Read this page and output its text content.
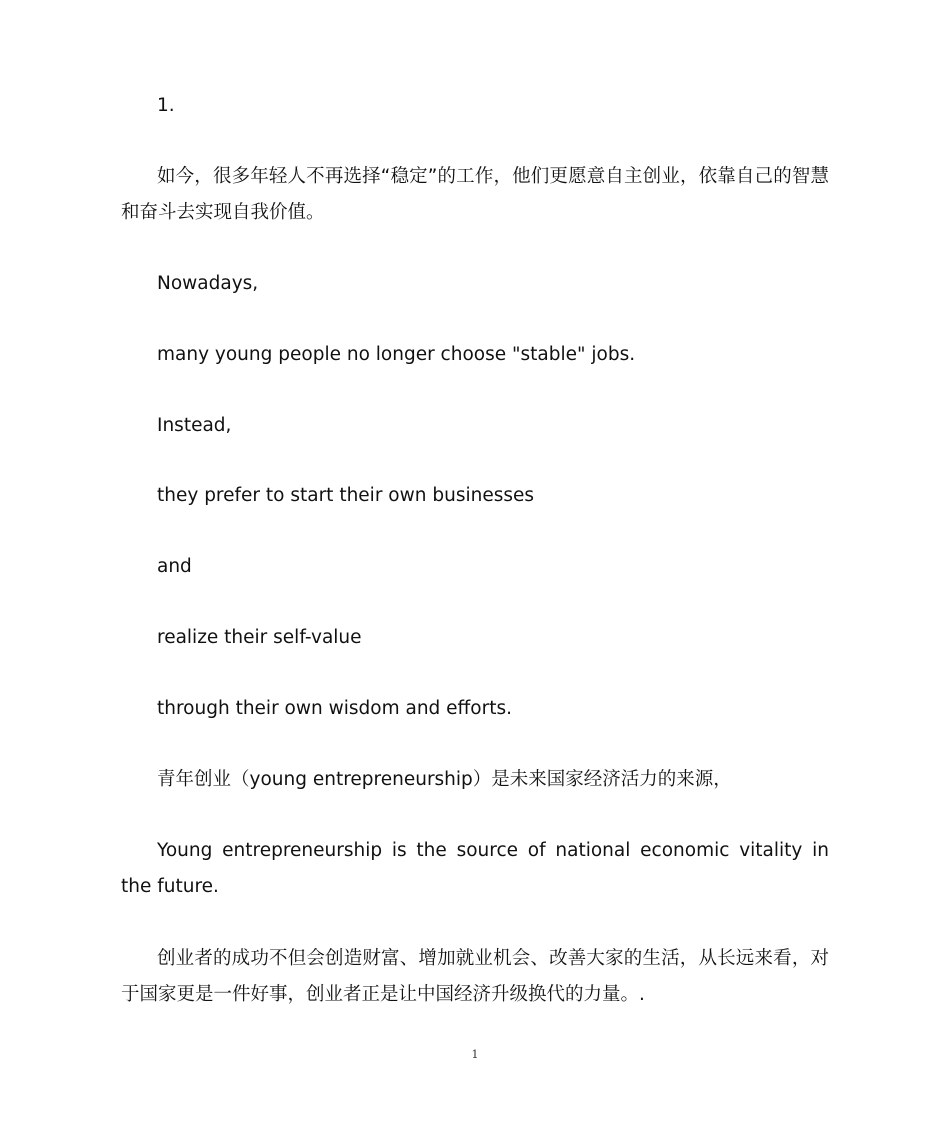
1.

如今，很多年轻人不再选择“稳定”的工作，他们更愿意自主创业，依靠自己的智慧和奋斗去实现自我价值。

Nowadays,

many young people no longer choose "stable" jobs.

Instead,

they prefer to start their own businesses

and

realize their self-value

through their own wisdom and efforts.

青年创业（young entrepreneurship）是未来国家经济活力的来源，

Young entrepreneurship is the source of national economic vitality in the future.

创业者的成功不但会创造财富、增加就业机会、改善大家的生活，从长远来看，对于国家更是一件好事，创业者正是让中国经济升级换代的力量。.

1
